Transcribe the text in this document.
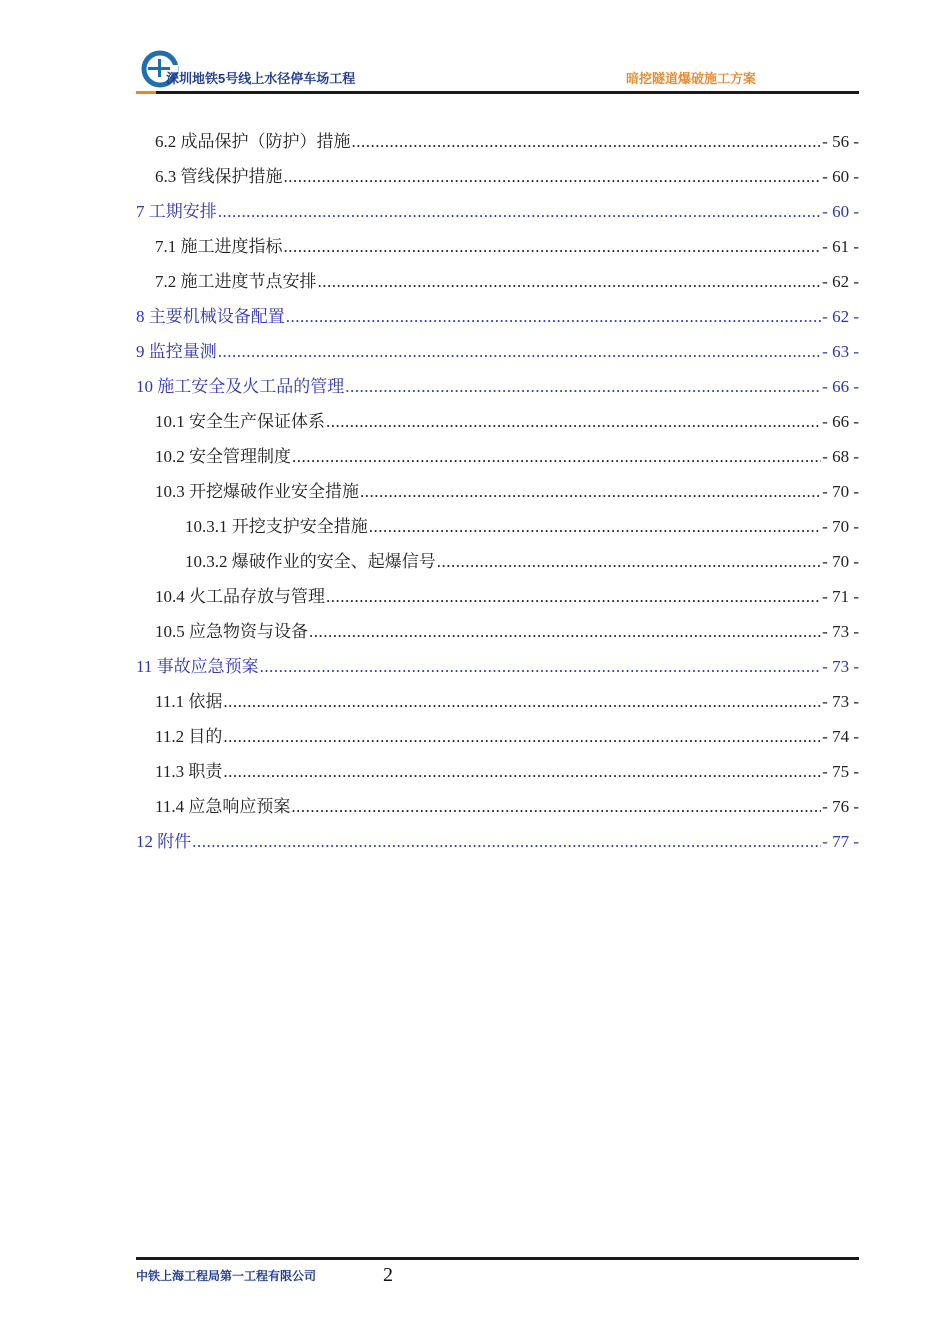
深圳地铁5号线上水径停车场工程	暗挖隧道爆破施工方案
6.2 成品保护（防护）措施 .....	- 56 -
6.3 管线保护措施 .....	- 60 -
7 工期安排 .....	- 60 -
7.1 施工进度指标 .....	- 61 -
7.2 施工进度节点安排 .....	- 62 -
8 主要机械设备配置 .....	- 62 -
9 监控量测 .....	- 63 -
10 施工安全及火工品的管理 .....	- 66 -
10.1 安全生产保证体系 .....	- 66 -
10.2 安全管理制度 .....	- 68 -
10.3 开挖爆破作业安全措施 .....	- 70 -
10.3.1 开挖支护安全措施 .....	- 70 -
10.3.2 爆破作业的安全、起爆信号 .....	- 70 -
10.4 火工品存放与管理 .....	- 71 -
10.5 应急物资与设备 .....	- 73 -
11 事故应急预案 .....	- 73 -
11.1 依据 .....	- 73 -
11.2 目的 .....	- 74 -
11.3 职责 .....	- 75 -
11.4 应急响应预案 .....	- 76 -
12 附件 .....	- 77 -
中铁上海工程局第一工程有限公司	2
